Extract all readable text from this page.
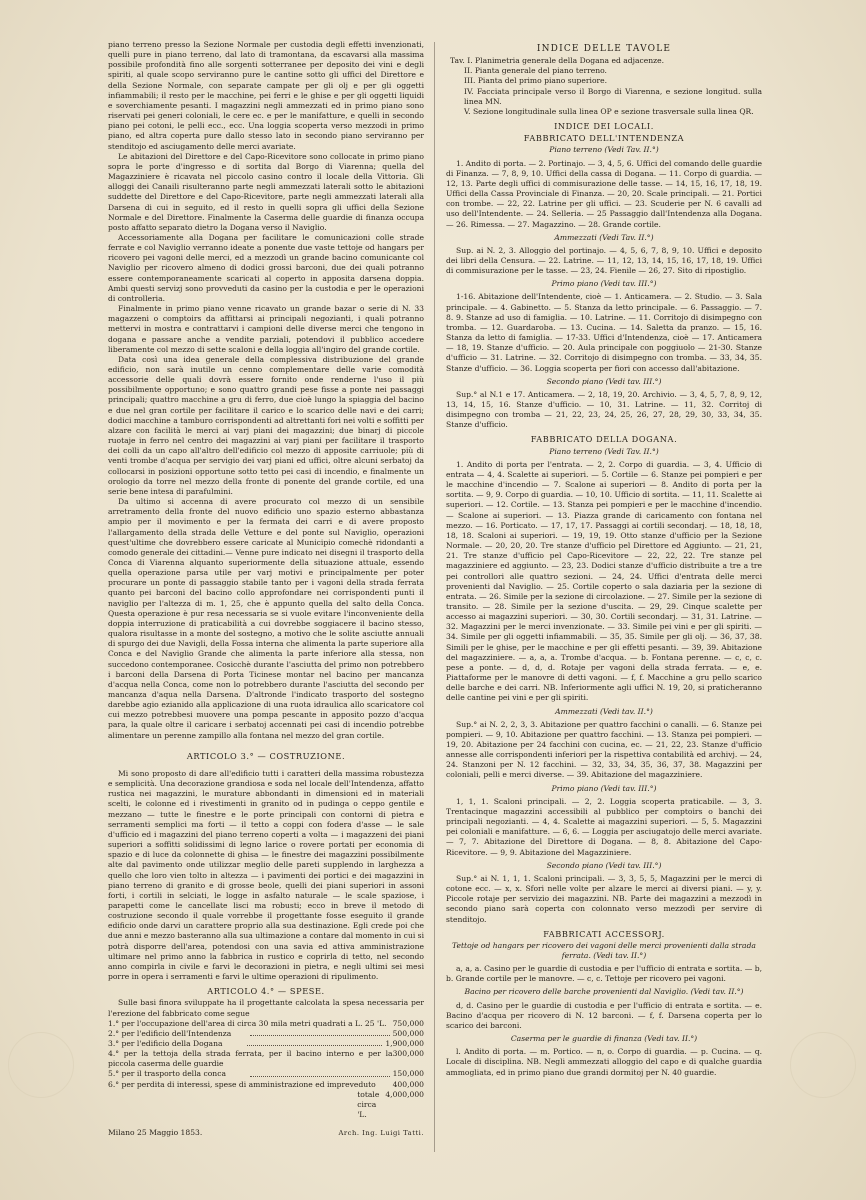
piano terreno presso la Sezione Normale per custodia degli effetti invenzionati, quelli pure in piano terreno, dal lato di tramontana, da escavarsi alla massima possibile profondità fino alle sorgenti sotterranee per deposito dei vini e degli spiriti, al quale scopo serviranno pure le cantine sotto gli uffici del Direttore e della Sezione Normale, con separate campate per gli olj e per gli oggetti infiammabili; il resto per le macchine, pei ferri e le ghise e per gli oggetti liquidi e soverchiamente pesanti. I magazzini negli ammezzati ed in primo piano sono riservati pei generi coloniali, le cere ec. e per le manifatture, e quelli in secondo piano pei cotoni, le pelli ecc., ecc. Una loggia scoperta verso mezzodi in primo piano, ed altra coperta pure dallo stesso lato in secondo piano serviranno per stenditojo ed asciugamento delle merci avariate.

Le abitazioni del Direttore e del Capo-Ricevitore sono collocate in primo piano sopra le porte d'ingresso e di sortita dal Borgo di Viarenna; quella del Magazziniere è ricavata nel piccolo casino contro il locale della Vittoria. Gli alloggi dei Canaili risulteranno parte negli ammezzati laterali sotto le abitazioni suddette del Direttore e del Capo-Ricevitore, parte negli ammezzati laterali alla Darsena di cui in seguito, ed il resto in quelli sopra gli uffici della Sezione Normale e del Direttore. Finalmente la Caserma delle guardie di finanza occupa posto affatto separato dietro la Dogana verso il Naviglio.

Accessoriamente alla Dogana per facilitare le comunicazioni colle strade ferrate e col Naviglio verranno ideate a ponente due vaste tettoje od hangars per ricovero pei vagoni delle merci, ed a mezzodì un grande bacino comunicante col Naviglio per ricovero almeno di dodici grossi barconi, due dei quali potranno essere contemporaneamente scaricati al coperto in apposita darsena doppia. Ambi questi servizj sono provveduti da casino per la custodia e per le operazioni di controlleria.

Finalmente in primo piano venne ricavato un grande bazar o serie di N. 33 magazzeni o comptoirs da affittarsi ai principali negozianti, i quali potranno mettervi in mostra e contrattarvi i campioni delle diverse merci che tengono in dogana e passare anche a vendite parziali, potendovi il pubblico accedere liberamente col mezzo di sette scaloni e della loggia all'ingiro del grande cortile.

Data così una idea generale della complessiva distribuzione del grande edificio, non sarà inutile un cenno complementare delle varie comodità accessorie delle quali dovrà essere fornito onde renderne l'uso il più possibilmente opportuno; e sono quattro grandi pese fisse a ponte nei passaggi principali; quattro macchine a gru di ferro, due cioè lungo la spiaggia del bacino e due nel gran cortile per facilitare il carico e lo scarico delle navi e dei carri; dodici macchine a tamburo corrispondenti ad altrettanti fori nei volti e soffitti per alzare con facilità le merci ai varj piani dei magazzini; due binarj di piccole ruotaje in ferro nel centro dei magazzini ai varj piani per facilitare il trasporto dei colli da un capo all'altro dell'edificio col mezzo di apposite carriuole; più di venti trombe d'acqua per servigio dei varj piani ed uffici, oltre alcuni serbatoj da collocarsi in posizioni opportune sotto tetto pei casi di incendio, e finalmente un orologio da torre nel mezzo della fronte di ponente del grande cortile, ed una serie bene intesa di parafulmini.

Da ultimo si accenna di avere procurato col mezzo di un sensibile arretramento della fronte del nuovo edificio uno spazio esterno abbastanza ampio per il movimento e per la fermata dei carri e di avere proposto l'allargamento della strada delle Vetture e del ponte sul Naviglio, operazioni quest'ultime che dovrebbero essere caricate al Municipio comechè ridondanti a comodo generale dei cittadini.— Venne pure indicato nei disegni il trasporto della Conca di Viarenna alquanto superiormente della situazione attuale, essendo quella operazione parsa utile per varj motivi e principalmente per poter procurare un ponte di passaggio stabile tanto per i vagoni della strada ferrata quanto pei barconi del bacino collo approfondare nei corrispondenti punti il naviglio per l'altezza di m. 1, 25, che è appunto quella del salto della Conca. Questa operazione è pur resa necessaria se si vuole evitare l'inconveniente della doppia interruzione di praticabilità a cui dovrebbe soggiacere il bacino stesso, qualora risultasse in a monte del sostegno, a motivo che le solite asciutte annuali di spurgo dei due Navigli, della Fossa interna che alimenta la parte superiore alla Conca e del Naviglio Grande che alimenta la parte inferiore alla stessa, non succedono contemporanee. Cosicchè durante l'asciutta del primo non potrebbero i barconi della Darsena di Porta Ticinese montar nel bacino per mancanza d'acqua nella Conca, come non lo potrebbero durante l'asciutta del secondo per mancanza d'aqua nella Darsena. D'altronde l'indicato trasporto del sostegno darebbe agio ezianido alla applicazione di una ruota idraulica allo scaricatore col cui mezzo potrebbesi muovere una pompa pescante in apposito pozzo d'acqua para, la quale oltre il caricare i serbatoj accennati pei casi di incendio potrebbe alimentare un perenne zampillo alla fontana nel mezzo del gran cortile.

ARTICOLO 3.° — COSTRUZIONE.

Mi sono proposto di dare all'edificio tutti i caratteri della massima robustezza e semplicità. Una decorazione grandiosa e soda nel locale dell'Intendenza, affatto rustica nei magazzini, le murature abbondanti in dimensioni ed in materiali scelti, le colonne ed i rivestimenti in granito od in pudinga o ceppo gentile e mezzano — tutte le finestre e le porte principali con contorni di pietra e serramenti semplici ma forti — il tetto a coppi con fodera d'asse — le sale d'ufficio ed i magazzini del piano terreno coperti a volta — i magazzeni dei piani superiori a soffitti solidissimi di legno larice o rovere portati per economia di spazio e di luce da colonnette di ghisa — le finestre dei magazzini possibilmente alte dal pavimento onde utilizzar meglio delle pareti supplendo in larghezza a quello che loro vien tolto in altezza — i pavimenti dei portici e dei magazzini in piano terreno di granito e di grosse beole, quelli dei piani superiori in assoni forti, i cortili in selciati, le logge in asfalto naturale — le scale spaziose, i parapetti come le cancellate lisci ma robusti; ecco in breve il metodo di costruzione secondo il quale vorrebbe il progettante fosse eseguito il grande edificio onde darvi un carattere proprio alla sua destinazione. Egli crede poi che due anni e mezzo basteranno alla sua ultimazione a contare dal momento in cui si potrà disporre dell'area, potendosi con una savia ed attiva amministrazione ultimare nel primo anno la fabbrica in rustico e coprirla di tetto, nel secondo anno compirla in civile e farvi le decorazioni in pietra, e negli ultimi sei mesi porre in opera i serramenti e farvi le ultime operazioni di ripulimento.

ARTICOLO 4.° — SPESE.

Sulle basi finora sviluppate ha il progettante calcolata la spesa necessaria per l'erezione del fabbricato come segue

1.° per l'occupazione dell'area di circa 30 mila metri quadrati a L. 25 'L. 750,000
2.° per l'edificio dell'Intendenza	500,000
3.° per l'edificio della Dogana	1,900,000
4.° per la tettoja della strada ferrata, per il bacino interno e per la piccola caserma delle guardie
300,000
5.° per il trasporto della conca	150,000
6.° per perdita di interessi, spese di amministrazione ed impreveduto	400,000
totale circa 'L.
4,000,000
Milano 25 Maggio 1853.	Arch. Ing. Luigi Tatti.

INDICE DELLE TAVOLE

Tav. I. Planimetria generale della Dogana ed adjacenze.

II. Pianta generale del piano terreno.

III. Pianta del primo piano superiore.

IV. Facciata principale verso il Borgo di Viarenna, e sezione longitud. sulla linea MN.

V. Sezione longitudinale sulla linea OP e sezione trasversale sulla linea QR.

INDICE DEI LOCALI.

FABBRICATO DELL'INTENDENZA

Piano terreno (Vedi Tav. II.°)

1. Andito di porta. — 2. Portinajo. — 3, 4, 5, 6. Uffici del comando delle guardie di Finanza. — 7, 8, 9, 10. Uffici della cassa di Dogana. — 11. Corpo di guardia. — 12, 13. Parte degli uffici di commisurazione delle tasse. — 14, 15, 16, 17, 18, 19. Uffici della Cassa Provinciale di Finanza. — 20, 20. Scale principali. — 21. Portici con trombe. — 22, 22. Latrine per gli uffici. — 23. Scuderie per N. 6 cavalli ad uso dell'Intendente. — 24. Selleria. — 25 Passaggio dall'Intendenza alla Dogana. — 26. Rimessa. — 27. Magazzino. — 28. Grande cortile.

Ammezzati (Vedi Tav. II.°)

Sup. ai N. 2, 3. Alloggio del portinajo. — 4, 5, 6, 7, 8, 9, 10. Uffici e deposito dei libri della Censura. — 22. Latrine. — 11, 12, 13, 14, 15, 16, 17, 18, 19. Uffici di commisurazione per le tasse. — 23, 24. Fienile — 26, 27. Sito di ripostiglio.

Primo piano (Vedi tav. III.°)

1-16. Abitazione dell'Intendente, cioè — 1. Anticamera. — 2. Studio. — 3. Sala principale. — 4. Gabinetto. — 5. Stanza da letto principale. — 6. Passaggio. — 7. 8. 9. Stanze ad uso di famiglia. — 10. Latrine. — 11. Corritojo di disimpegno con tromba. — 12. Guardaroba. — 13. Cucina. — 14. Saletta da pranzo. — 15, 16. Stanza da letto di famiglia. — 17-33. Uffici d'Intendenza, cioè — 17. Anticamera — 18, 19. Stanze d'ufficio. — 20. Aula principale con poggiuolo — 21-30. Stanze d'ufficio — 31. Latrine. — 32. Corritojo di disimpegno con tromba. — 33, 34, 35. Stanze d'ufficio. — 36. Loggia scoperta per fiori con accesso dall'abitazione.

Secondo piano (Vedi tav. III.°)

Sup.° al N.1 e 17. Anticamera. — 2, 18, 19, 20. Archivio. — 3, 4, 5, 7, 8, 9, 12, 13, 14, 15, 16. Stanze d'ufficio. — 10, 31. Latrine. — 11, 32. Corritoj di disimpegno con tromba — 21, 22, 23, 24, 25, 26, 27, 28, 29, 30, 33, 34, 35. Stanze d'ufficio.

FABBRICATO DELLA DOGANA.

Piano terreno (Vedi Tav. II.°)

1. Andito di porta per l'entrata. — 2, 2. Corpo di guardia. — 3, 4. Ufficio di entrata — 4, 4. Scalette ai superiori. — 5. Cortile — 6. Stanze pei pompieri e per le macchine d'incendio — 7. Scalone ai superiori — 8. Andito di porta per la sortita. — 9, 9. Corpo di guardia. — 10, 10. Ufficio di sortita. — 11, 11. Scalette ai superiori. — 12. Cortile. — 13. Stanza pei pompieri e per le macchine d'incendio. — Scalone ai superiori. — 13. Piazza grande di caricamento con fontana nel mezzo. — 16. Porticato. — 17, 17, 17. Passaggi ai cortili secondarj. — 18, 18, 18, 18, 18. Scaloni ai superiori. — 19, 19, 19. Otto stanze d'ufficio per la Sezione Normale. — 20, 20, 20. Tre stanze d'ufficio pel Direttore ed Aggiunto. — 21, 21, 21. Tre stanze d'ufficio pel Capo-Ricevitore — 22, 22, 22. Tre stanze pel magazziniere ed aggiunto. — 23, 23. Dodici stanze d'ufficio distribuite a tre a tre pei controllori alle quattro sezioni. — 24, 24. Uffici d'entrata delle merci provenienti dal Naviglio. — 25. Cortile coperto o sala daziaria per la sezione di entrata. — 26. Simile per la sezione di circolazione. — 27. Simile per la sezione di transito. — 28. Simile per la sezione d'uscita. — 29, 29. Cinque scalette per accesso ai magazzini superiori. — 30, 30. Cortili secondarj. — 31, 31. Latrine. — 32. Magazzini per le merci invenzionate. — 33. Simile pei vini e per gli spiriti. — 34. Simile per gli oggetti infiammabili. — 35, 35. Simile per gli olj. — 36, 37, 38. Simili per le ghise, per le macchine e per gli effetti pesanti. — 39, 39. Abitazione del magazziniere. — a, a, a. Trombe d'acqua. — b. Fontana perenne. — c, c, c. pese a ponte. — d, d, d. Rotaje per vagoni della strada ferrata. — e, e. Piattaforme per le manovre di detti vagoni. — f, f. Macchine a gru pello scarico delle barche e dei carri. NB. Inferiormente agli uffici N. 19, 20, si praticheranno delle cantine pei vini e per gli spiriti.

Ammezzati (Vedi tav. II.°)

Sup.° ai N. 2, 2, 3, 3. Abitazione per quattro facchini o canalli. — 6. Stanze pei pompieri. — 9, 10. Abitazione per quattro facchini. — 13. Stanza pei pompieri. — 19, 20. Abitazione per 24 facchini con cucina, ec. — 21, 22, 23. Stanze d'ufficio annesse alle corrispondenti inferiori per la rispettiva contabilità ed archivj. — 24, 24. Stanzoni per N. 12 facchini. — 32, 33, 34, 35, 36, 37, 38. Magazzini per coloniali, pelli e merci diverse. — 39. Abitazione del magazziniere.

Primo piano (Vedi tav. III.°)

1, 1, 1. Scaloni principali. — 2, 2. Loggia scoperta praticabile. — 3, 3. Trentacinque magazzini accessibili al pubblico per comptoirs o banchi dei principali negozianti. — 4, 4. Scalette ai magazzini superiori. — 5, 5. Magazzini pei coloniali e manifatture. — 6, 6. — Loggia per asciugatojo delle merci avariate. — 7, 7. Abitazione del Direttore di Dogana. — 8, 8. Abitazione del Capo-Ricevitore. — 9, 9. Abitazione del Magazziniere.

Secondo piano (Vedi tav. III.°)

Sup.° ai N. 1, 1, 1. Scaloni principali. — 3, 3, 5, 5, Magazzini per le merci di cotone ecc. — x, x. Sfori nelle volte per alzare le merci ai diversi piani. — y, y. Piccole rotaje per servizio dei magazzini. NB. Parte dei magazzini a mezzodì in secondo piano sarà coperta con colonnato verso mezzodì per servire di stenditojo.

FABBRICATI ACCESSORJ.

Tettoje od hangars per ricovero dei vagoni delle merci provenienti dalla strada ferrata. (Vedi tav. II.°)

a, a, a. Casino per le guardie di custodia e per l'ufficio di entrata e sortita. — b, b. Grande cortile per le manovre. — c, c. Tettoje per ricovero pei vagoni.

Bacino per ricovero delle barche provenienti dal Naviglio. (Vedi tav. II.°)

d, d. Casino per le guardie di custodia e per l'ufficio di entrata e sortita. — e. Bacino d'acqua per ricovero di N. 12 barconi. — f, f. Darsena coperta per lo scarico dei barconi.

Caserma per le guardie di finanza (Vedi tav. II.°)

l. Andito di porta. — m. Portico. — n, o. Corpo di guardia. — p. Cucina. — q. Locale di disciplina. NB. Negli ammezzati alloggio del capo e di qualche guardia ammogliata, ed in primo piano due grandi dormitoj per N. 40 guardie.
